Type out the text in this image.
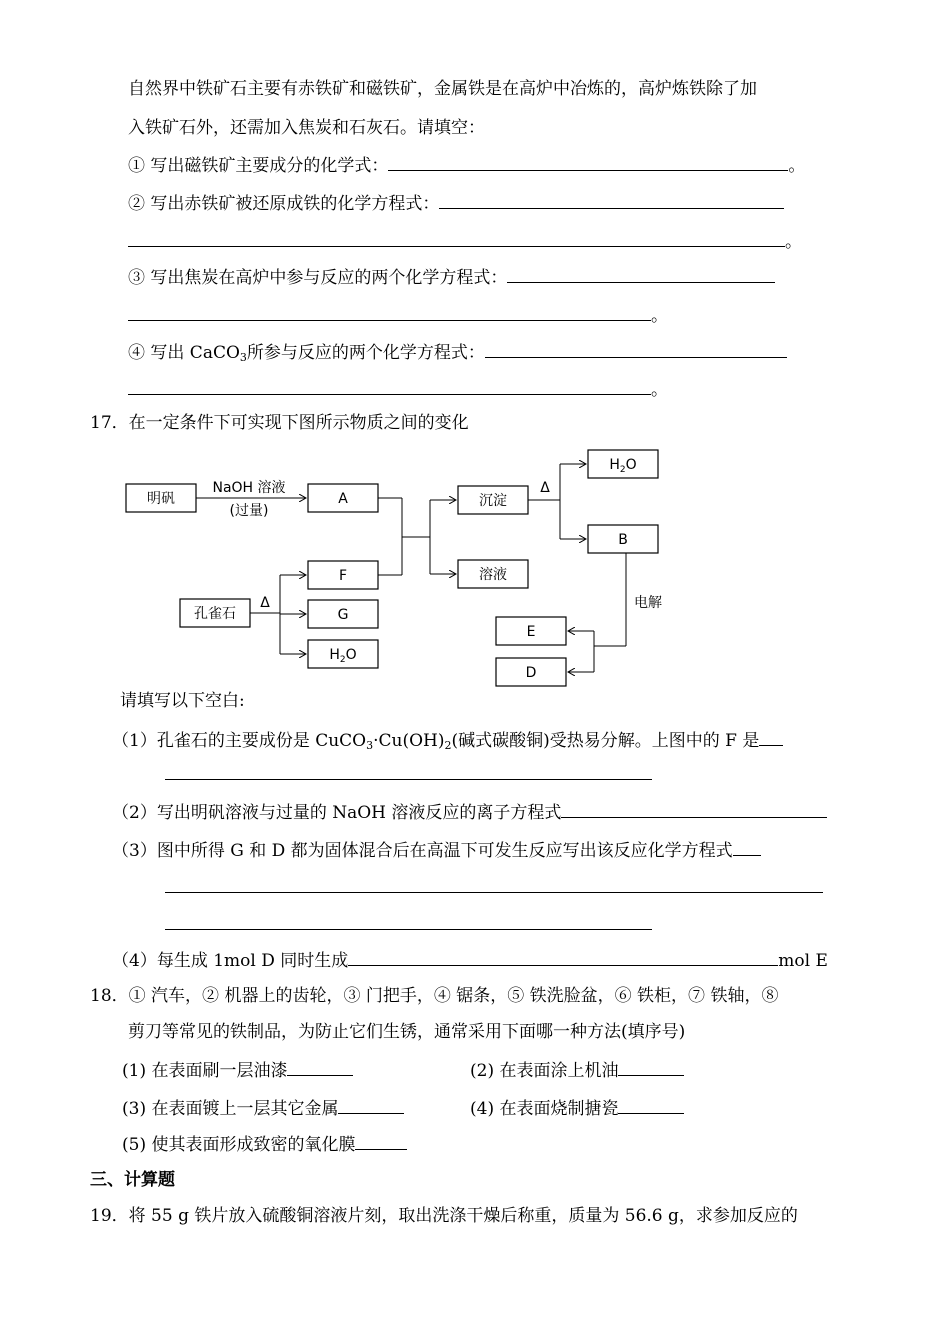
自然界中铁矿石主要有赤铁矿和磁铁矿，金属铁是在高炉中冶炼的，高炉炼铁除了加
入铁矿石外，还需加入焦炭和石灰石。请填空：
① 写出磁铁矿主要成分的化学式：	。
② 写出赤铁矿被还原成铁的化学方程式：
。
③ 写出焦炭在高炉中参与反应的两个化学方程式：
。
④ 写出 CaCO$_3$所参与反应的两个化学方程式：
。
17．在一定条件下可实现下图所示物质之间的变化
明矾
NaOH 溶液
(过量)
A	沉淀
溶液
$H_2O$
B
E
D
孔雀石
F
G
$H_2O$
Δ
Δ	电解
请填写以下空白:
（1）孔雀石的主要成份是 $CuCO_3\cdot Cu(OH)_2$(碱式碳酸铜)受热易分解。上图中的 F 是
（2）写出明矾溶液与过量的 NaOH 溶液反应的离子方程式
（3）图中所得 G 和 D 都为固体混合后在高温下可发生反应写出该反应化学方程式
（4）每生成 1mol D 同时生成	mol E
18．① 汽车，② 机器上的齿轮，③ 门把手，④ 锯条，⑤ 铁洗脸盆，⑥ 铁柜，⑦ 铁轴，⑧
剪刀等常见的铁制品，为防止它们生锈，通常采用下面哪一种方法(填序号)
(1) 在表面刷一层油漆	(2) 在表面涂上机油
(3) 在表面镀上一层其它金属	(4) 在表面烧制搪瓷
(5) 使其表面形成致密的氧化膜
三、计算题
19．将 55 g 铁片放入硫酸铜溶液片刻，取出洗涤干燥后称重，质量为 56.6 g，求参加反应的
